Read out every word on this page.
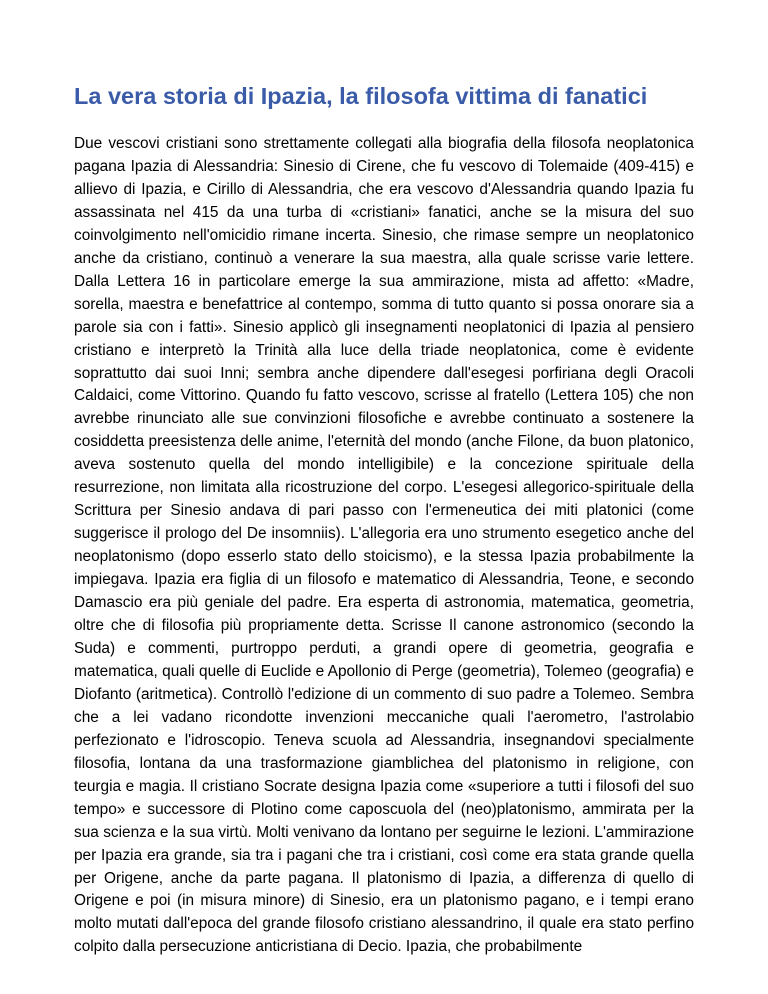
La vera storia di Ipazia, la filosofa vittima di fanatici

Due vescovi cristiani sono strettamente collegati alla biografia della filosofa neoplatonica pagana Ipazia di Alessandria: Sinesio di Cirene, che fu vescovo di Tolemaide (409-415) e allievo di Ipazia, e Cirillo di Alessandria, che era vescovo d'Alessandria quando Ipazia fu assassinata nel 415 da una turba di «cristiani» fanatici, anche se la misura del suo coinvolgimento nell'omicidio rimane incerta. Sinesio, che rimase sempre un neoplatonico anche da cristiano, continuò a venerare la sua maestra, alla quale scrisse varie lettere. Dalla Lettera 16 in particolare emerge la sua ammirazione, mista ad affetto: «Madre, sorella, maestra e benefattrice al contempo, somma di tutto quanto si possa onorare sia a parole sia con i fatti». Sinesio applicò gli insegnamenti neoplatonici di Ipazia al pensiero cristiano e interpretò la Trinità alla luce della triade neoplatonica, come è evidente soprattutto dai suoi Inni; sembra anche dipendere dall'esegesi porfiriana degli Oracoli Caldaici, come Vittorino. Quando fu fatto vescovo, scrisse al fratello (Lettera 105) che non avrebbe rinunciato alle sue convinzioni filosofiche e avrebbe continuato a sostenere la cosiddetta preesistenza delle anime, l'eternità del mondo (anche Filone, da buon platonico, aveva sostenuto quella del mondo intelligibile) e la concezione spirituale della resurrezione, non limitata alla ricostruzione del corpo. L'esegesi allegorico-spirituale della Scrittura per Sinesio andava di pari passo con l'ermeneutica dei miti platonici (come suggerisce il prologo del De insomniis). L'allegoria era uno strumento esegetico anche del neoplatonismo (dopo esserlo stato dello stoicismo), e la stessa Ipazia probabilmente la impiegava. Ipazia era figlia di un filosofo e matematico di Alessandria, Teone, e secondo Damascio era più geniale del padre. Era esperta di astronomia, matematica, geometria, oltre che di filosofia più propriamente detta. Scrisse Il canone astronomico (secondo la Suda) e commenti, purtroppo perduti, a grandi opere di geometria, geografia e matematica, quali quelle di Euclide e Apollonio di Perge (geometria), Tolemeo (geografia) e Diofanto (aritmetica). Controllò l'edizione di un commento di suo padre a Tolemeo. Sembra che a lei vadano ricondotte invenzioni meccaniche quali l'aerometro, l'astrolabio perfezionato e l'idroscopio. Teneva scuola ad Alessandria, insegnandovi specialmente filosofia, lontana da una trasformazione giamblichea del platonismo in religione, con teurgia e magia. Il cristiano Socrate designa Ipazia come «superiore a tutti i filosofi del suo tempo» e successore di Plotino come caposcuola del (neo)platonismo, ammirata per la sua scienza e la sua virtù. Molti venivano da lontano per seguirne le lezioni. L'ammirazione per Ipazia era grande, sia tra i pagani che tra i cristiani, così come era stata grande quella per Origene, anche da parte pagana. Il platonismo di Ipazia, a differenza di quello di Origene e poi (in misura minore) di Sinesio, era un platonismo pagano, e i tempi erano molto mutati dall'epoca del grande filosofo cristiano alessandrino, il quale era stato perfino colpito dalla persecuzione anticristiana di Decio. Ipazia, che probabilmente
